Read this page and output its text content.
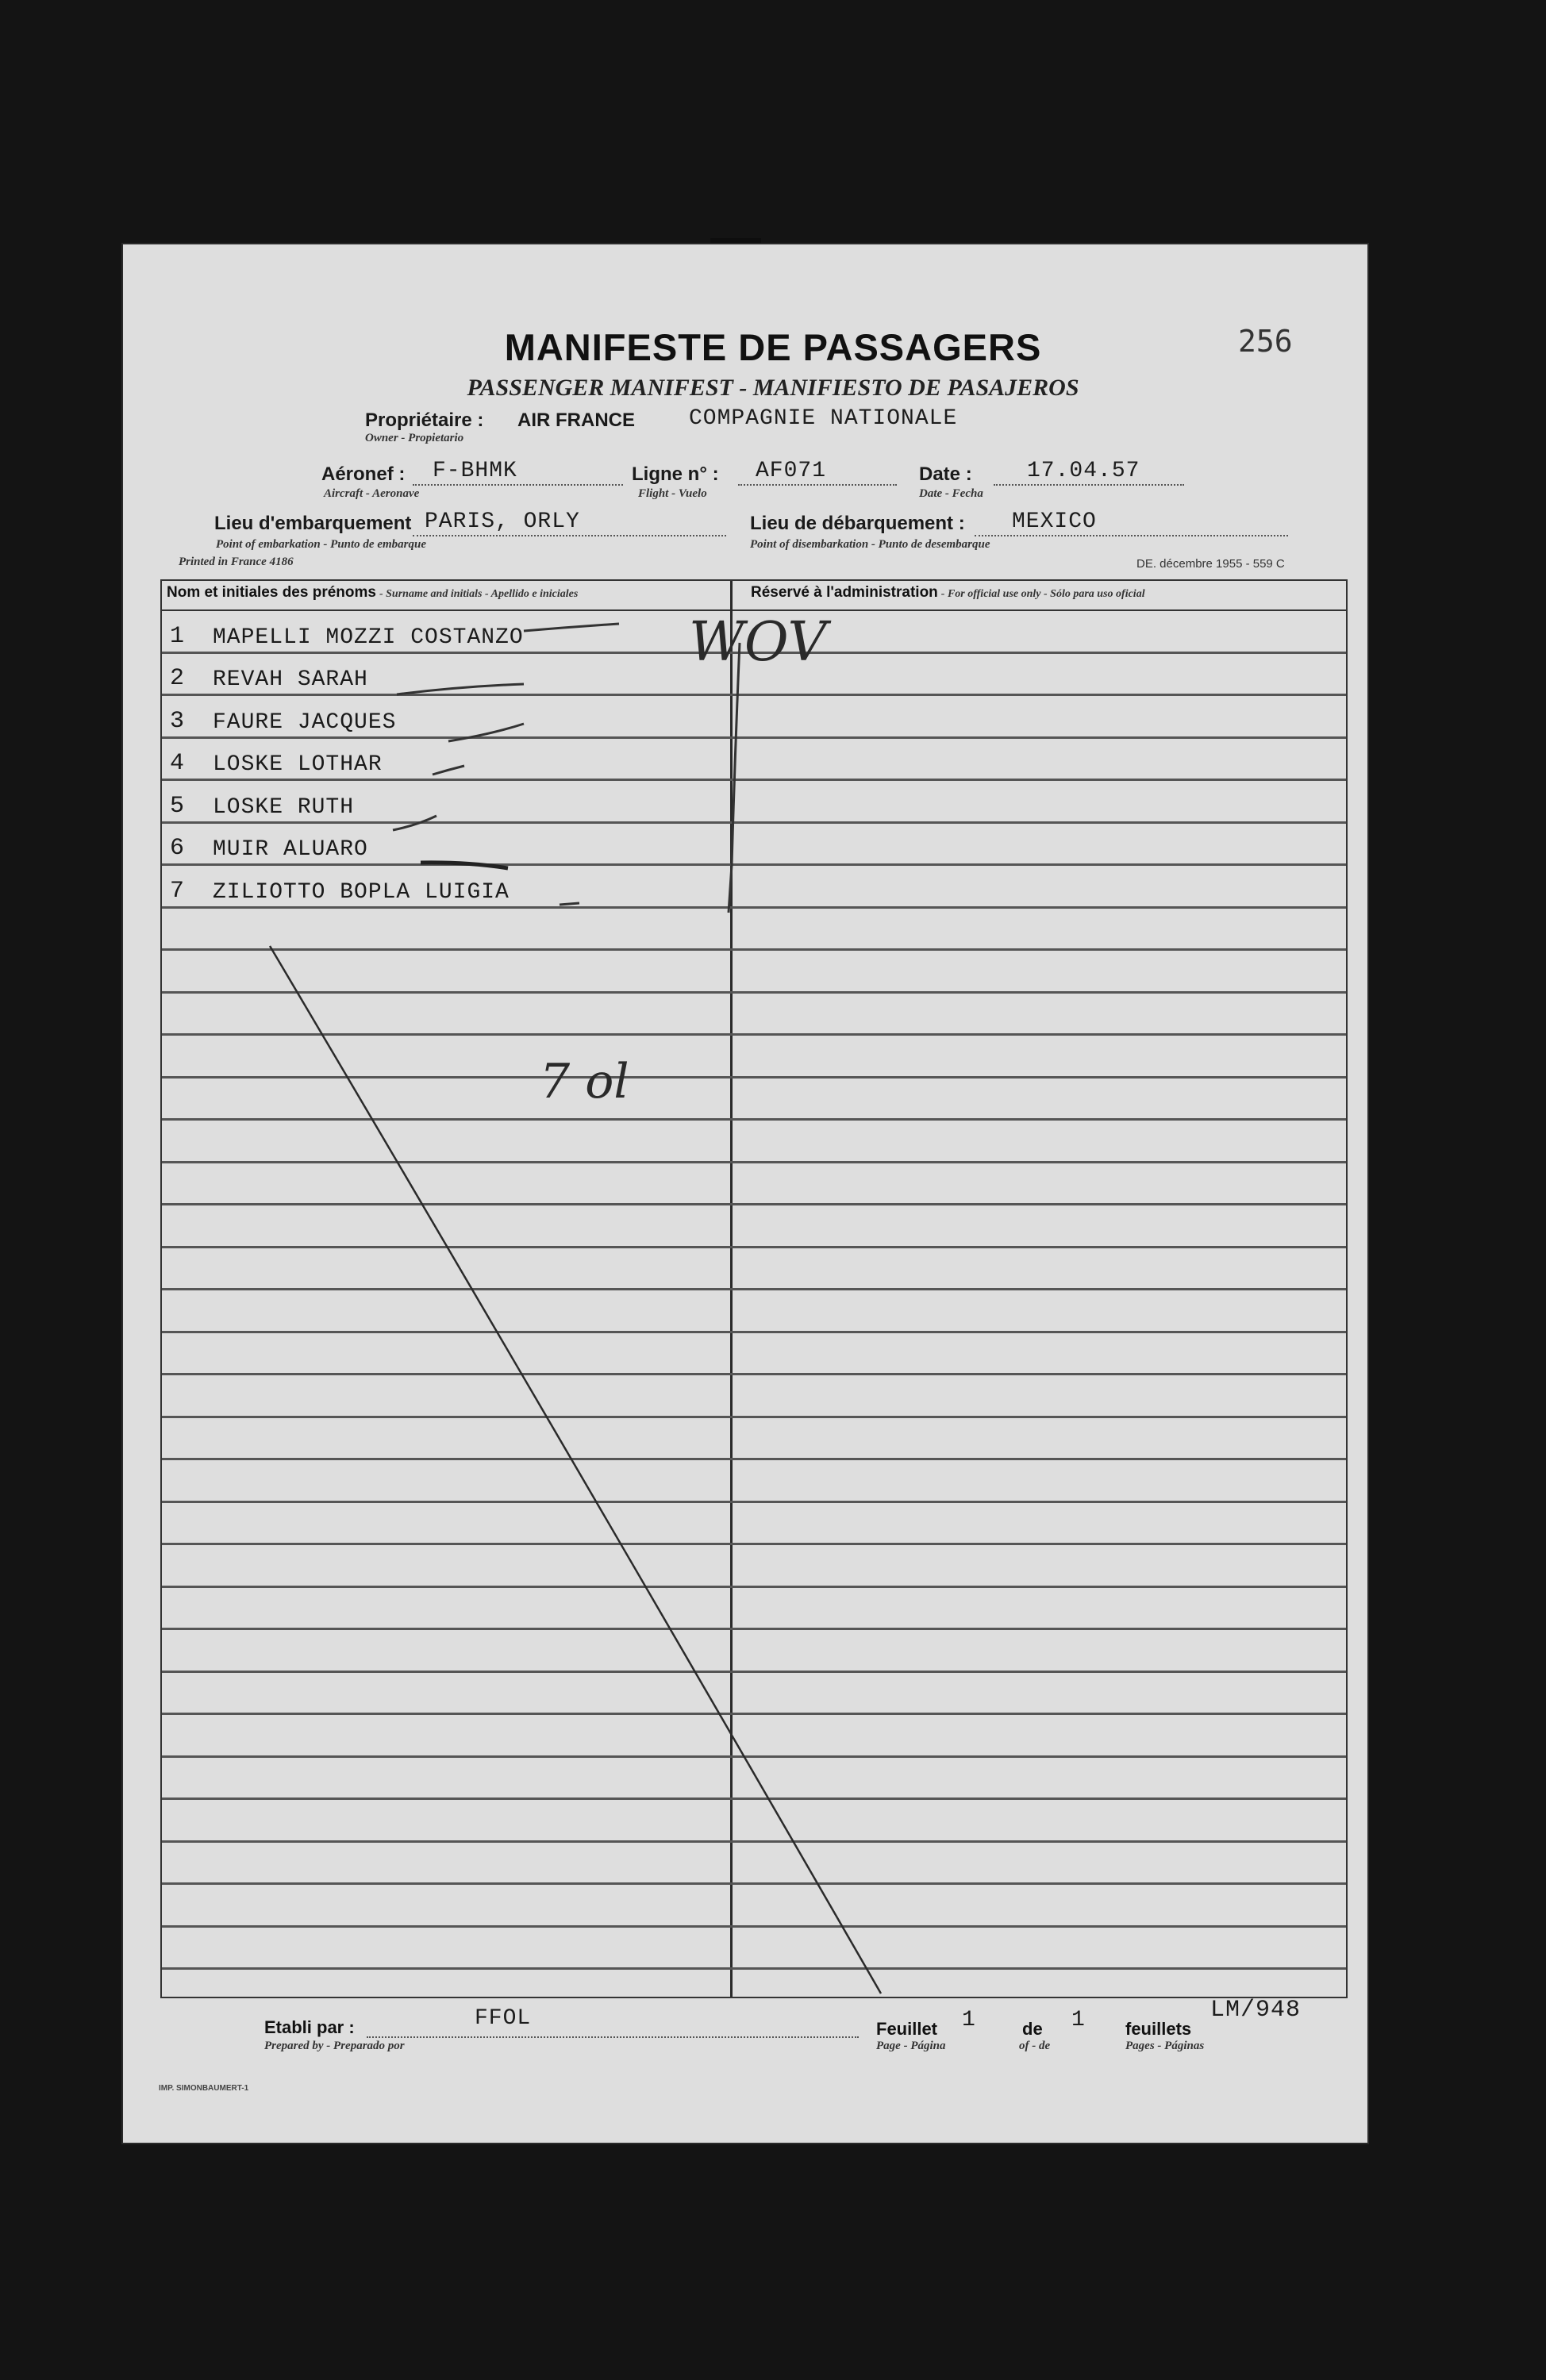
256
MANIFESTE DE PASSAGERS
PASSENGER MANIFEST - MANIFIESTO DE PASAJEROS
Propriétaire : AIR FRANCE COMPAGNIE NATIONALE
Owner - Propietario
Aéronef : F-BHMK
Aircraft - Aeronave
Ligne n° : AF071
Flight - Vuelo
Date : 17.04.57
Date - Fecha
Lieu d'embarquement PARIS, ORLY
Point of embarkation - Punto de embarque
Lieu de débarquement : MEXICO
Point of disembarkation - Punto de desembarque
Printed in France 4186	DE. décembre 1955 - 559 C
Nom et initiales des prénoms - Surname and initials - Apellido e iniciales	Réservé à l'administration - For official use only - Sólo para uso oficial
1 MAPELLI MOZZI COSTANZO
2 REVAH SARAH
3 FAURE JACQUES
4 LOSKE LOTHAR
5 LOSKE RUTH
6 MUIR ALUARO
7 ZILIOTTO BOPLA LUIGIA
WOV
7 ol
Etabli par :	FFOL
Prepared by - Preparado por
Feuillet 1	de 1 feuillets
LM/948
Page - Página	of - de	Pages - Páginas
IMP. SIMONBAUMERT-1
